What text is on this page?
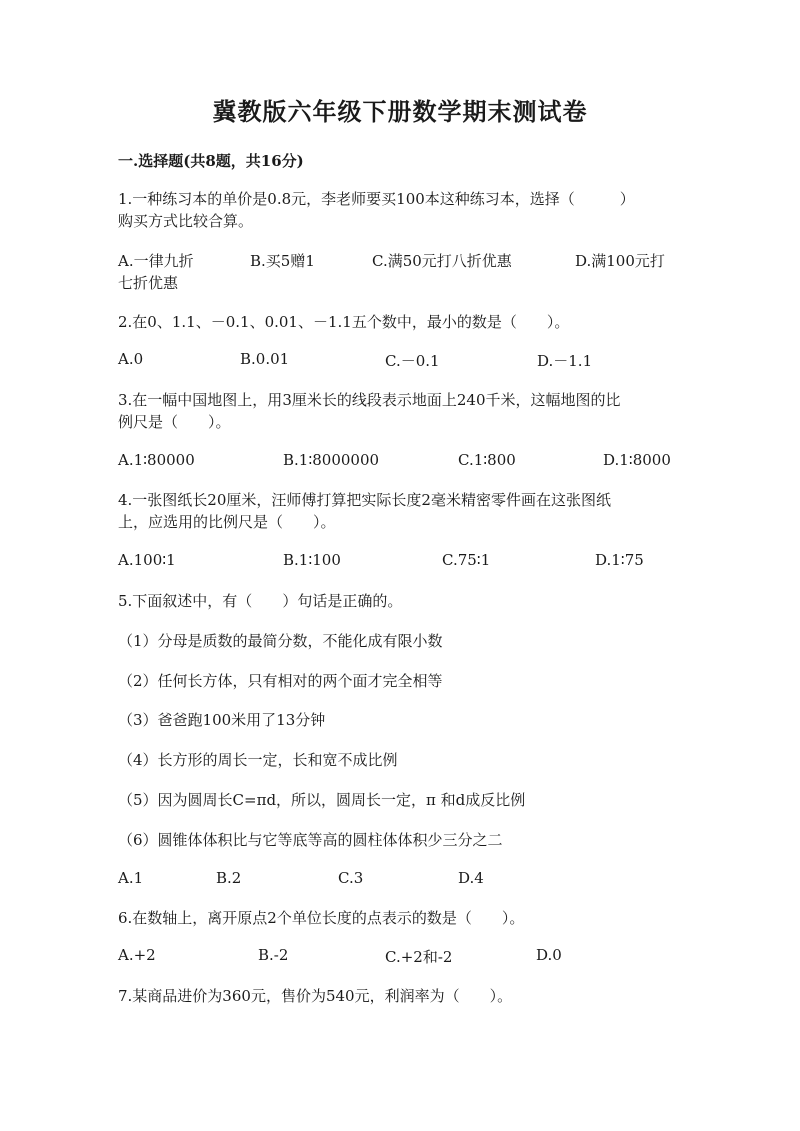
冀教版六年级下册数学期末测试卷
一.选择题(共8题，共16分)
1.一种练习本的单价是0.8元，李老师要买100本这种练习本，选择（　　　）
购买方式比较合算。
A.一律九折	B.买5赠1	C.满50元打八折优惠	D.满100元打
七折优惠
2.在0、1.1、－0.1、0.01、－1.1五个数中，最小的数是（　　）。
A.0	B.0.01	C.－0.1	D.－1.1
3.在一幅中国地图上，用3厘米长的线段表示地面上240千米，这幅地图的比
例尺是（　　）。
A.1∶80000	B.1∶8000000	C.1∶800	D.1∶8000
4.一张图纸长20厘米，汪师傅打算把实际长度2毫米精密零件画在这张图纸
上，应选用的比例尺是（　　）。
A.100∶1	B.1∶100	C.75∶1	D.1∶75
5.下面叙述中，有（　　）句话是正确的。
（1）分母是质数的最简分数，不能化成有限小数
（2）任何长方体，只有相对的两个面才完全相等
（3）爸爸跑100米用了13分钟
（4）长方形的周长一定，长和宽不成比例
（5）因为圆周长C=πd，所以，圆周长一定，π 和d成反比例
（6）圆锥体体积比与它等底等高的圆柱体体积少三分之二
A.1	B.2	C.3	D.4
6.在数轴上，离开原点2个单位长度的点表示的数是（　　）。
A.+2	B.-2	C.+2和-2	D.0
7.某商品进价为360元，售价为540元，利润率为（　　）。
